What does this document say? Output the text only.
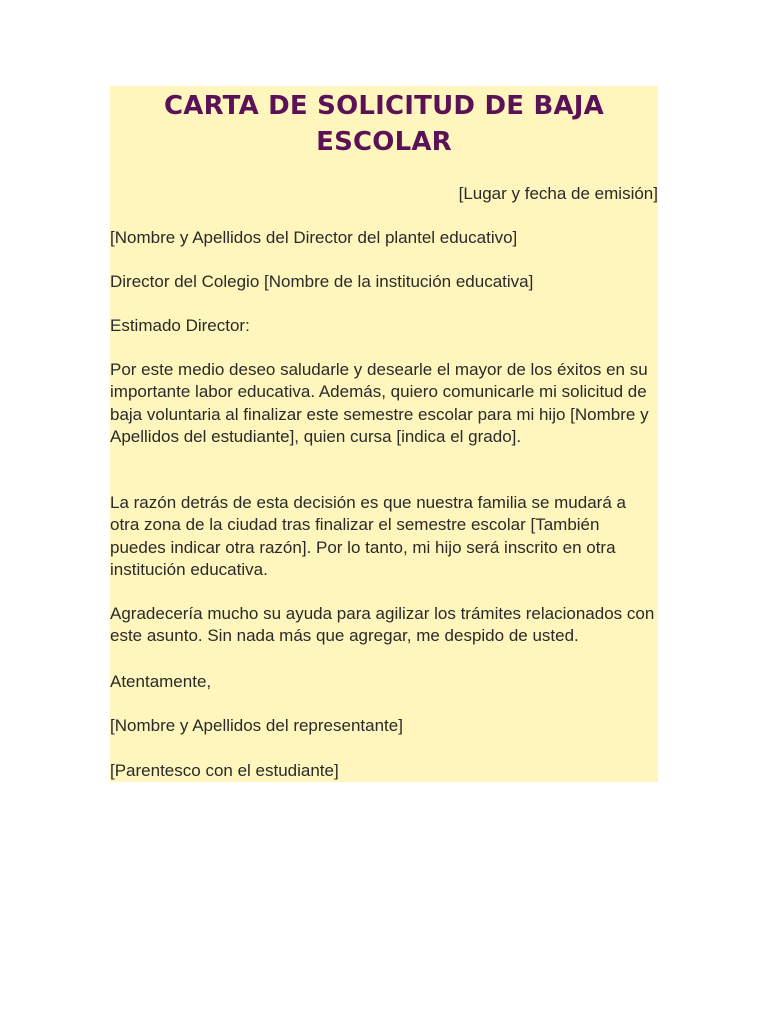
CARTA DE SOLICITUD DE BAJA ESCOLAR
[Lugar y fecha de emisión]
[Nombre y Apellidos del Director del plantel educativo]
Director del Colegio [Nombre de la institución educativa]
Estimado Director:

Por este medio deseo saludarle y desearle el mayor de los éxitos en su importante labor educativa. Además, quiero comunicarle mi solicitud de baja voluntaria al finalizar este semestre escolar para mi hijo [Nombre y Apellidos del estudiante], quien cursa [indica el grado].

La razón detrás de esta decisión es que nuestra familia se mudará a otra zona de la ciudad tras finalizar el semestre escolar [También puedes indicar otra razón]. Por lo tanto, mi hijo será inscrito en otra institución educativa.

Agradecería mucho su ayuda para agilizar los trámites relacionados con este asunto. Sin nada más que agregar, me despido de usted.

Atentamente,
[Nombre y Apellidos del representante]
[Parentesco con el estudiante]
